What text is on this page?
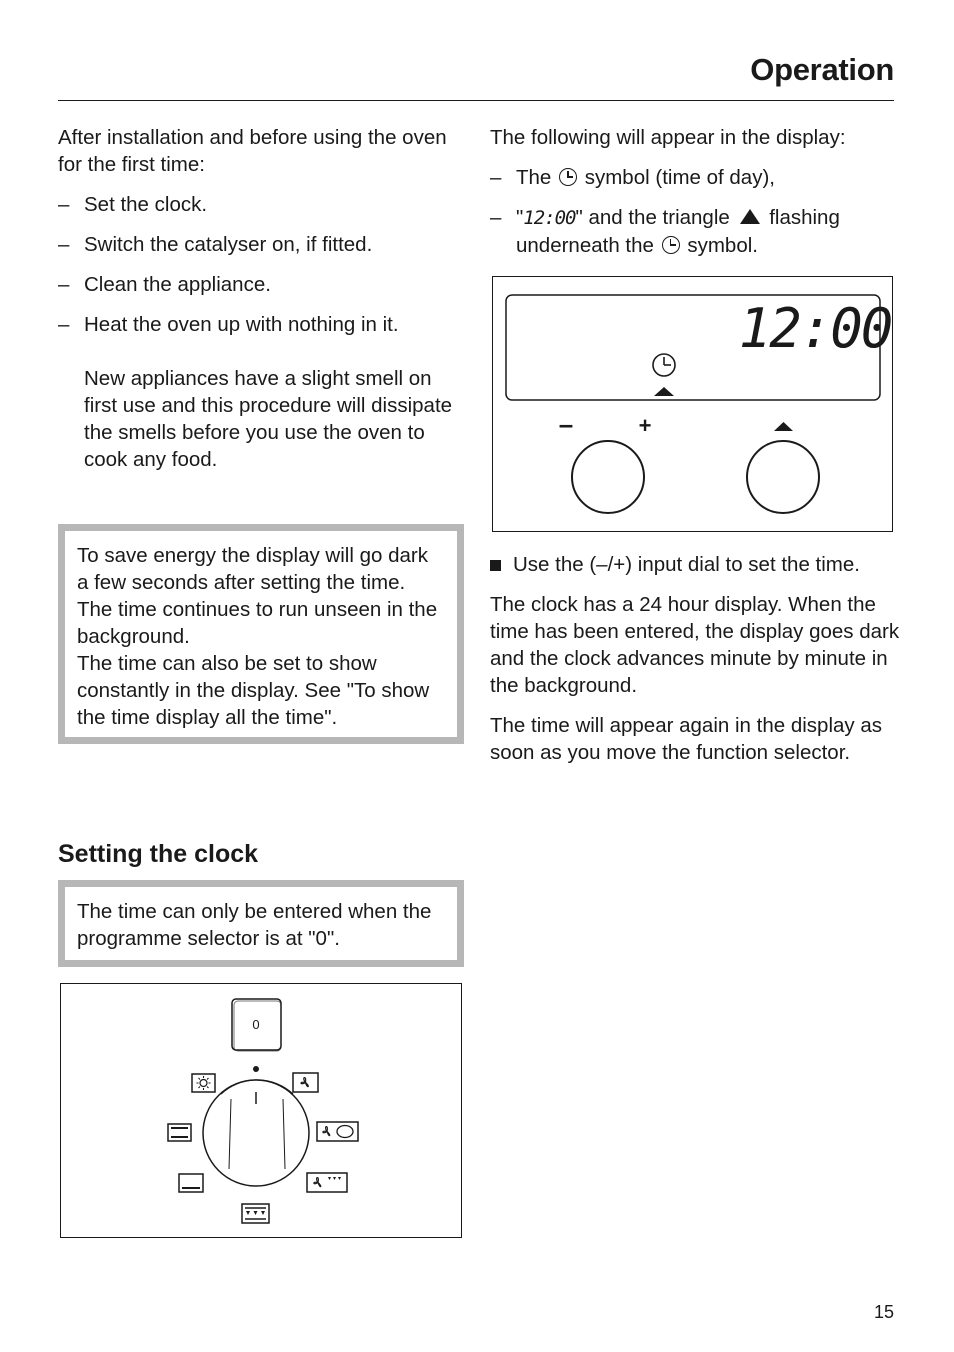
Operation

After installation and before using the oven for the first time:

– Set the clock.
– Switch the catalyser on, if fitted.
– Clean the appliance.
– Heat the oven up with nothing in it.

New appliances have a slight smell on first use and this procedure will dissipate the smells before you use the oven to cook any food.

To save energy the display will go dark a few seconds after setting the time.
The time continues to run unseen in the background.
The time can also be set to show constantly in the display. See "To show the time display all the time".
Setting the clock
The time can only be entered when the programme selector is at "0".
0

The following will appear in the display:

– The symbol (time of day),
– "12:00" and the triangle flashing underneath the symbol.
12:00
–	+
Use the (–/+) input dial to set the time.

The clock has a 24 hour display. When the time has been entered, the display goes dark and the clock advances minute by minute in the background.

The time will appear again in the display as soon as you move the function selector.

15
